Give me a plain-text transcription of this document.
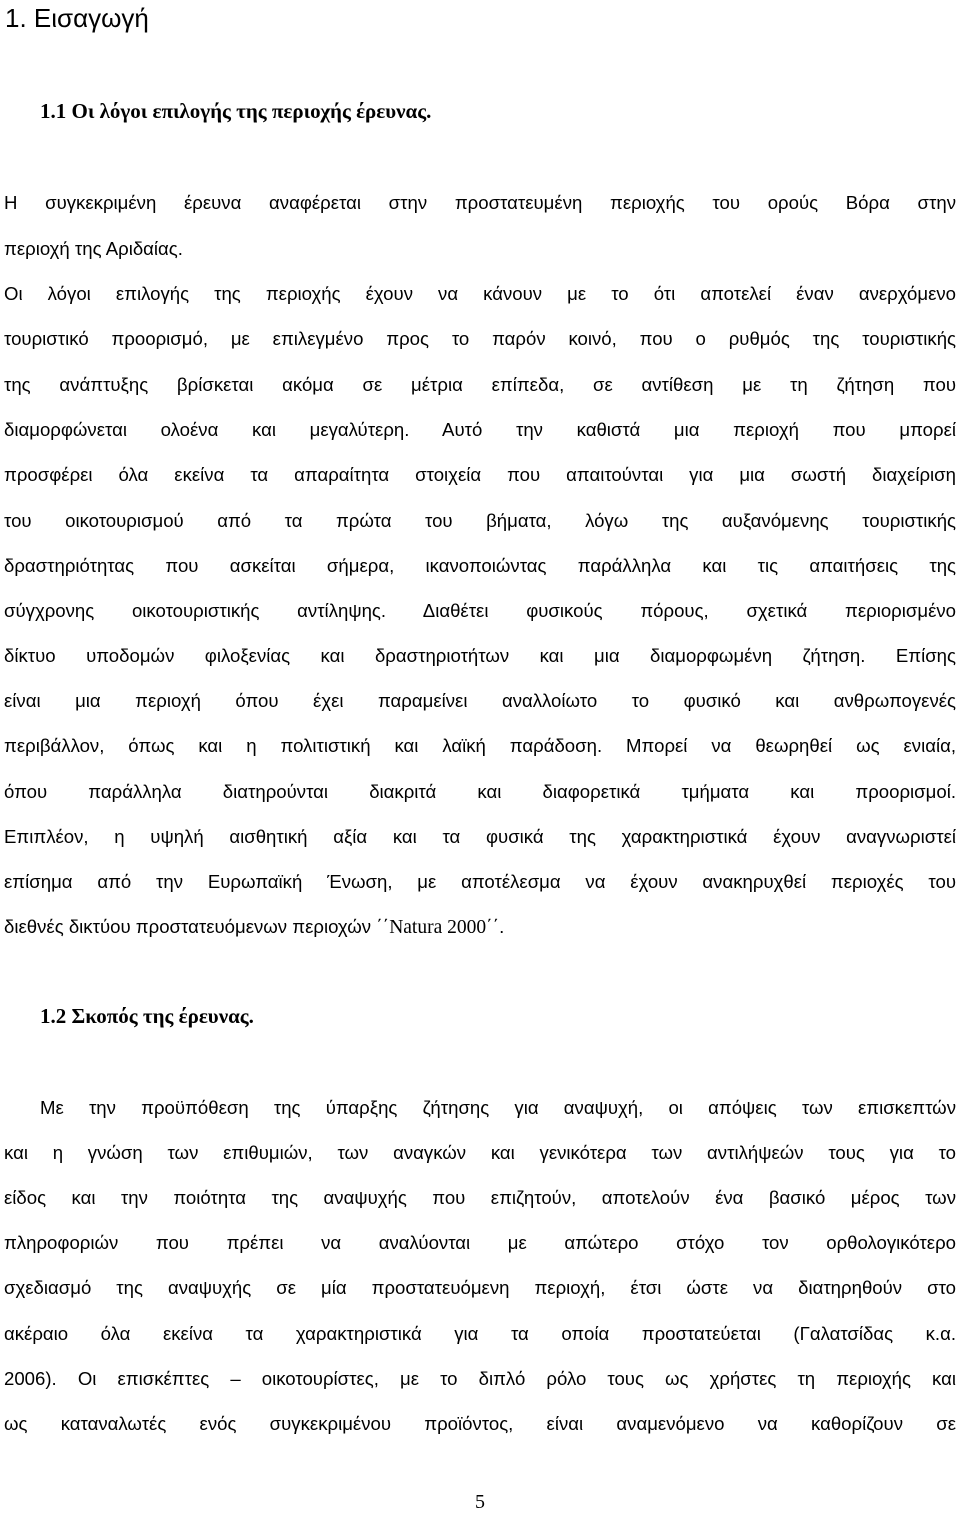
1. Εισαγωγή
1.1 Οι λόγοι επιλογής της περιοχής έρευνας.
Η συγκεκριμένη έρευνα αναφέρεται στην προστατευμένη περιοχής του ορούς Βόρα στην
περιοχή της Αριδαίας.
Οι λόγοι επιλογής της περιοχής έχουν να κάνουν με το ότι αποτελεί έναν ανερχόμενο
τουριστικό προορισμό, με επιλεγμένο προς το παρόν κοινό, που ο ρυθμός της τουριστικής
της ανάπτυξης βρίσκεται ακόμα σε μέτρια επίπεδα, σε αντίθεση με τη ζήτηση που
διαμορφώνεται ολοένα και μεγαλύτερη. Αυτό την καθιστά μια περιοχή που μπορεί
προσφέρει όλα εκείνα τα απαραίτητα στοιχεία που απαιτούνται για μια σωστή διαχείριση
του οικοτουρισμού από τα πρώτα του βήματα, λόγω της αυξανόμενης τουριστικής
δραστηριότητας που ασκείται σήμερα, ικανοποιώντας παράλληλα και τις απαιτήσεις της
σύγχρονης οικοτουριστικής αντίληψης. Διαθέτει φυσικούς πόρους, σχετικά περιορισμένο
δίκτυο υποδομών φιλοξενίας και δραστηριοτήτων και μια διαμορφωμένη ζήτηση. Επίσης
είναι μια περιοχή όπου έχει παραμείνει αναλλοίωτο το φυσικό και ανθρωπογενές
περιβάλλον, όπως και η πολιτιστική και λαϊκή παράδοση. Μπορεί να θεωρηθεί ως ενιαία,
όπου παράλληλα διατηρούνται διακριτά και διαφορετικά τμήματα και προορισμοί.
Επιπλέον, η υψηλή αισθητική αξία και τα φυσικά της χαρακτηριστικά έχουν αναγνωριστεί
επίσημα από την Ευρωπαϊκή Ένωση, με αποτέλεσμα να έχουν ανακηρυχθεί περιοχές του
διεθνές δικτύου προστατευόμενων περιοχών ΄΄Natura 2000΄΄.
1.2 Σκοπός της έρευνας.
Με την προϋπόθεση της ύπαρξης ζήτησης για αναψυχή, οι απόψεις των επισκεπτών
και η γνώση των επιθυμιών, των αναγκών και γενικότερα των αντιλήψεών τους για το
είδος και την ποιότητα της αναψυχής που επιζητούν, αποτελούν ένα βασικό μέρος των
πληροφοριών που πρέπει να αναλύονται με απώτερο στόχο τον ορθολογικότερο
σχεδιασμό της αναψυχής σε μία προστατευόμενη περιοχή, έτσι ώστε να διατηρηθούν στο
ακέραιο όλα εκείνα τα χαρακτηριστικά για τα οποία προστατεύεται (Γαλατσίδας κ.α.
2006). Οι επισκέπτες – οικοτουρίστες, με το διπλό ρόλο τους ως χρήστες τη περιοχής και
ως καταναλωτές ενός συγκεκριμένου προϊόντος, είναι αναμενόμενο να καθορίζουν σε
5
